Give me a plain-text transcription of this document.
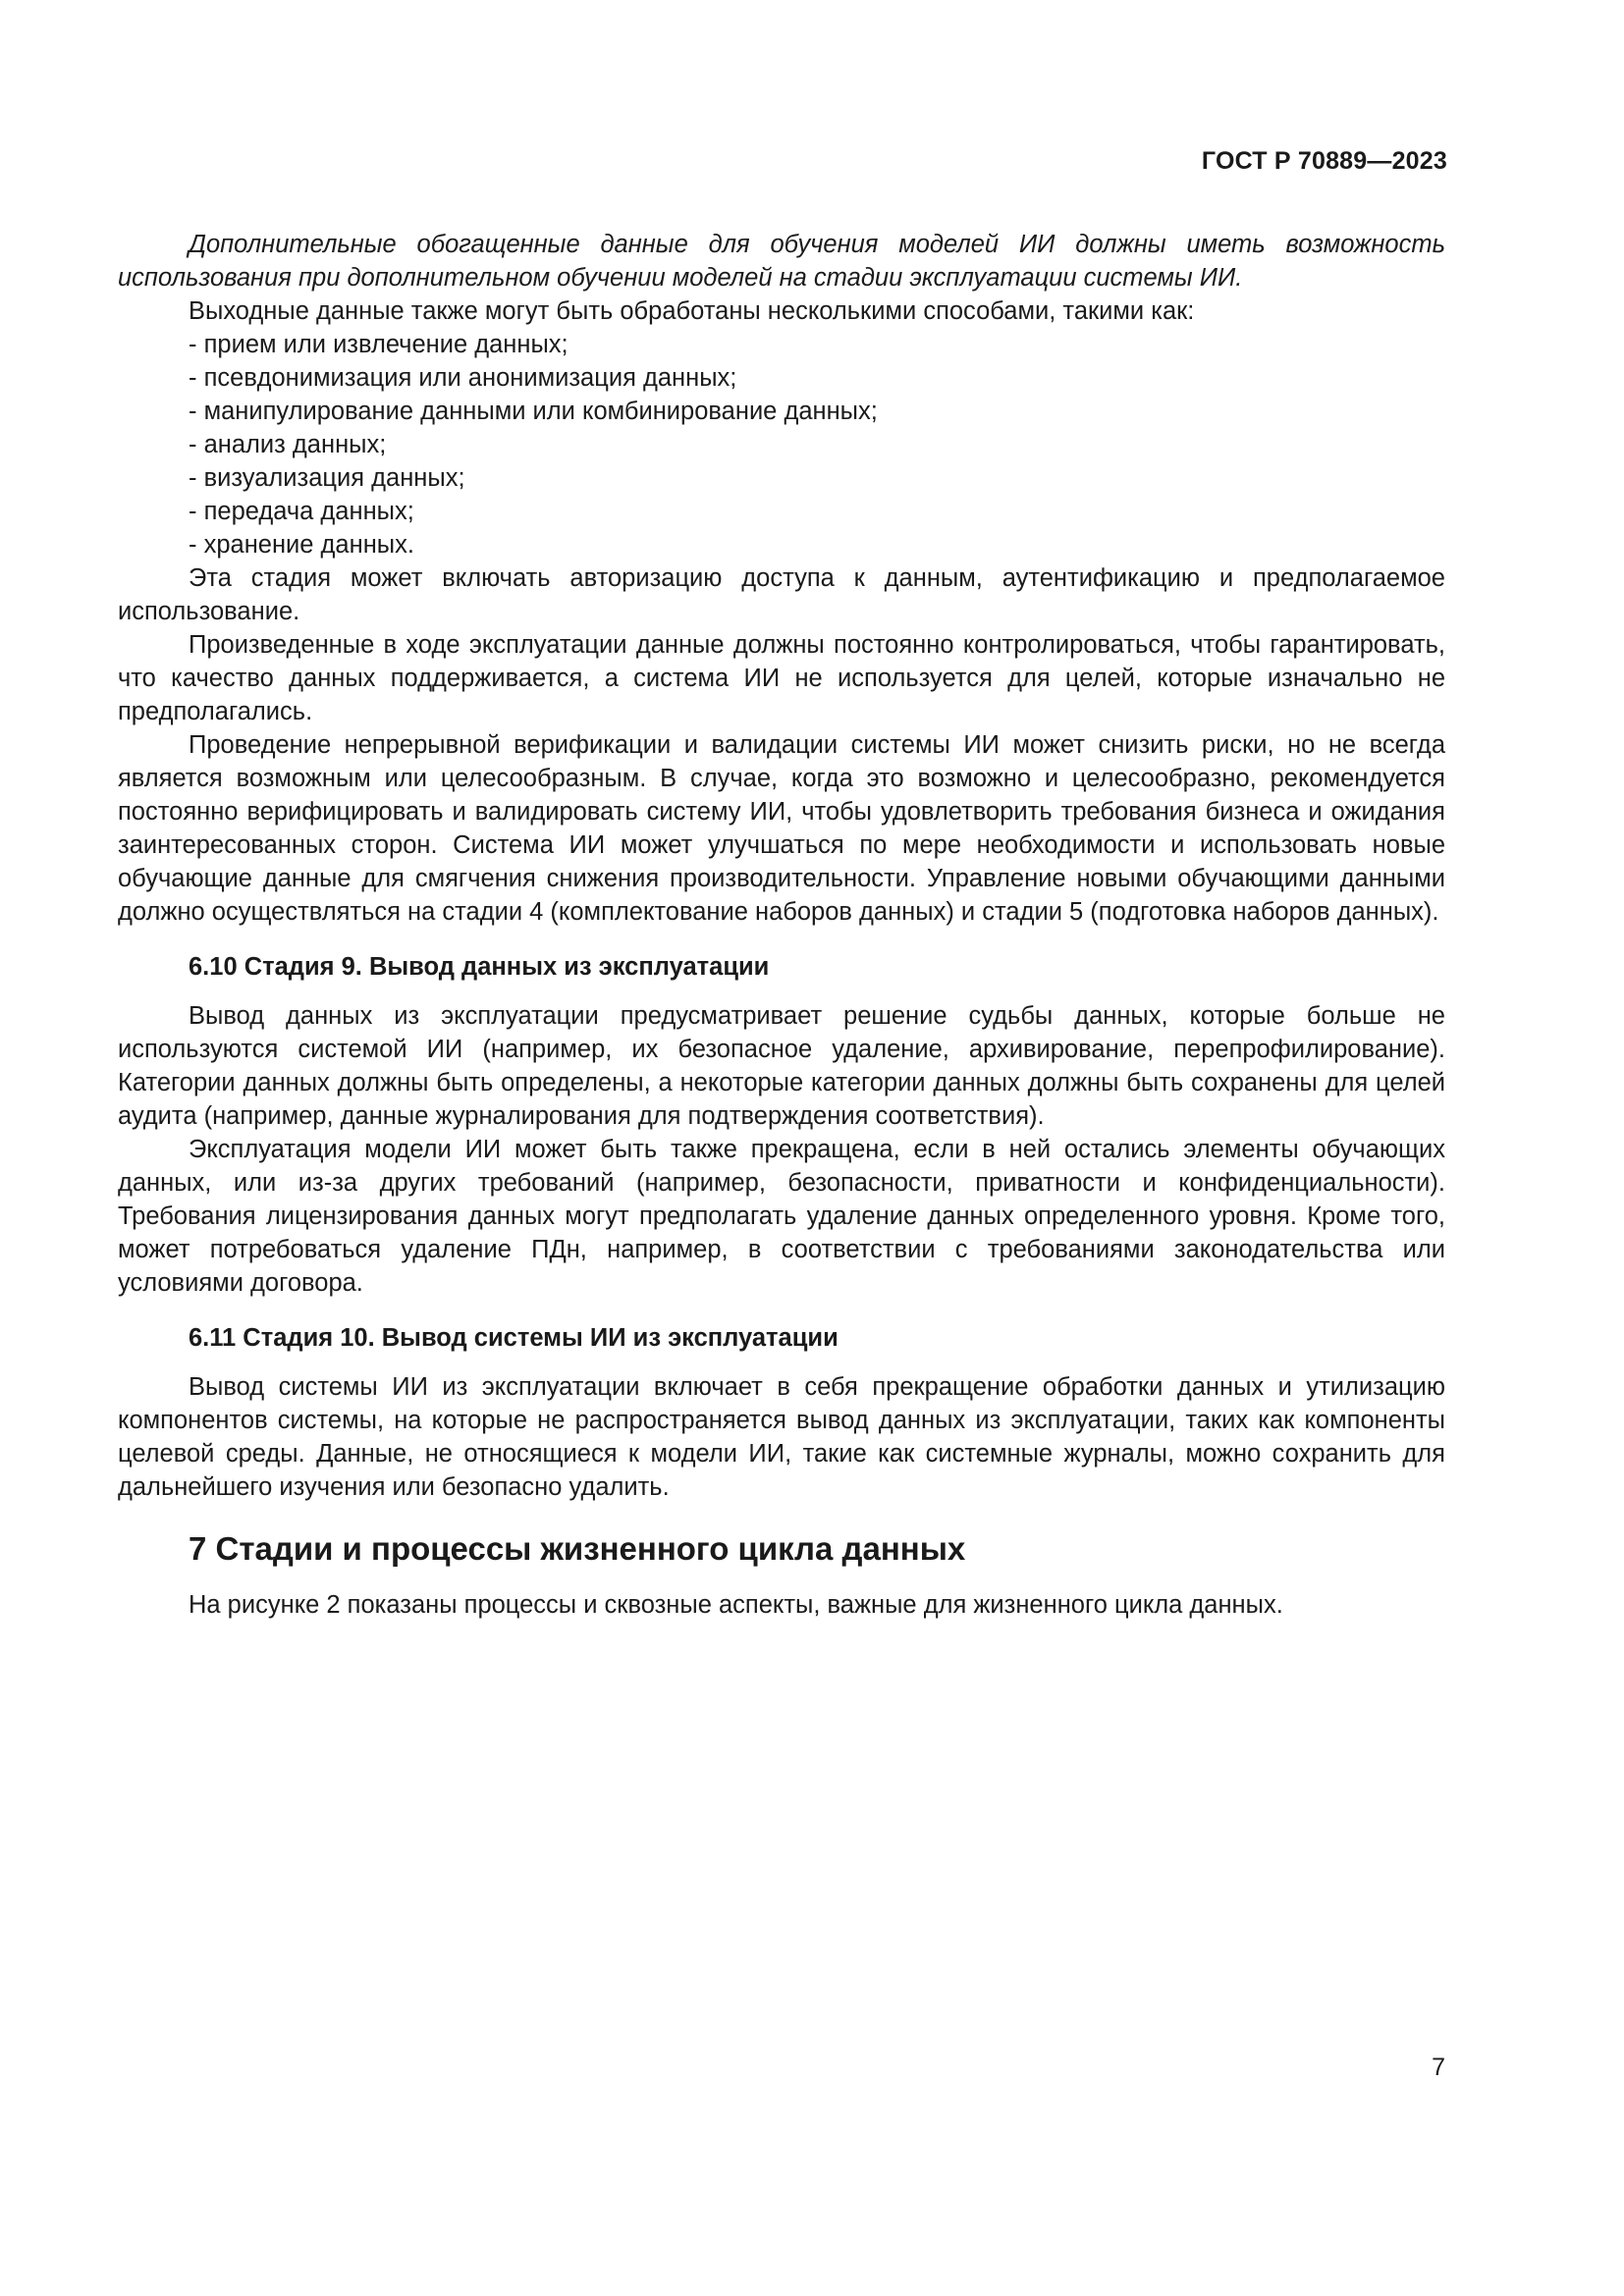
ГОСТ Р 70889—2023

Дополнительные обогащенные данные для обучения моделей ИИ должны иметь возможность использования при дополнительном обучении моделей на стадии эксплуатации системы ИИ.

Выходные данные также могут быть обработаны несколькими способами, такими как:

- прием или извлечение данных;
- псевдонимизация или анонимизация данных;
- манипулирование данными или комбинирование данных;
- анализ данных;
- визуализация данных;
- передача данных;
- хранение данных.

Эта стадия может включать авторизацию доступа к данным, аутентификацию и предполагаемое использование.

Произведенные в ходе эксплуатации данные должны постоянно контролироваться, чтобы гарантировать, что качество данных поддерживается, а система ИИ не используется для целей, которые изначально не предполагались.

Проведение непрерывной верификации и валидации системы ИИ может снизить риски, но не всегда является возможным или целесообразным. В случае, когда это возможно и целесообразно, рекомендуется постоянно верифицировать и валидировать систему ИИ, чтобы удовлетворить требования бизнеса и ожидания заинтересованных сторон. Система ИИ может улучшаться по мере необходимости и использовать новые обучающие данные для смягчения снижения производительности. Управление новыми обучающими данными должно осуществляться на стадии 4 (комплектование наборов данных) и стадии 5 (подготовка наборов данных).

6.10 Стадия 9. Вывод данных из эксплуатации

Вывод данных из эксплуатации предусматривает решение судьбы данных, которые больше не используются системой ИИ (например, их безопасное удаление, архивирование, перепрофилирование). Категории данных должны быть определены, а некоторые категории данных должны быть сохранены для целей аудита (например, данные журналирования для подтверждения соответствия).

Эксплуатация модели ИИ может быть также прекращена, если в ней остались элементы обучающих данных, или из-за других требований (например, безопасности, приватности и конфиденциальности). Требования лицензирования данных могут предполагать удаление данных определенного уровня. Кроме того, может потребоваться удаление ПДн, например, в соответствии с требованиями законодательства или условиями договора.

6.11 Стадия 10. Вывод системы ИИ из эксплуатации

Вывод системы ИИ из эксплуатации включает в себя прекращение обработки данных и утилизацию компонентов системы, на которые не распространяется вывод данных из эксплуатации, таких как компоненты целевой среды. Данные, не относящиеся к модели ИИ, такие как системные журналы, можно сохранить для дальнейшего изучения или безопасно удалить.

7 Стадии и процессы жизненного цикла данных

На рисунке 2 показаны процессы и сквозные аспекты, важные для жизненного цикла данных.

7
